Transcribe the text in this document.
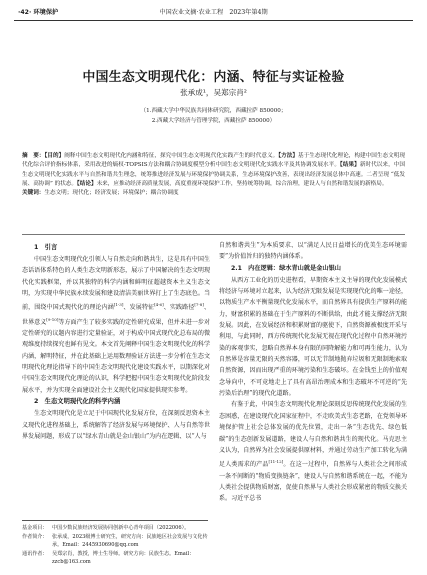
·42· 环境保护	中国农业文摘·农业工程　2023年第4期
中国生态文明现代化：内涵、特征与实证检验
张承成¹，吴郑宗肖²
（1.西藏大学中华民族共同体研究院，西藏拉萨 850000；
2.西藏大学经济与管理学院，西藏拉萨 850000）
摘　要：【目的】阐释中国生态文明现代化内涵和特征，探究中国生态文明现代化实践产生的时代意义。【方法】基于生态现代化理论，构建中国生态文明现代化综合评价指标体系，采用改进的熵权-TOPSIS方法和耦合协调度模型分析中国生态文明现代化实践水平及其协调发展水平。【结果】新时代以来，中国生态文明现代化实践水平与自然和谐共生理念，统筹推进经济发展与环境保护协调关系，生态环境保护改善，表现出经济发展总体中高速。二者呈现 “低发展、高协调” 的状态。【结论】未来，应推动经济高质量发展，高度重视环境保护工作，坚持统筹协调，综合治理，建设人与自然和谐发展的新格局。
关键词：生态文明；现代化；经济发展；环境保护；耦合协调度
1　引言

中国生态文明现代化引领人与自然走向和谐共生，这是具有中国生态话语体系特色的人类生态文明新形态，展示了中国解决的生态文明现代化实践框架，并以其独特的科学内涵和鲜明征超越资本主义生态文明，为实现中华民族永续发展和建设清洁美丽世界打上了生态底色。当前，围绕中国式现代化的理论内涵[1-3]、发展特征[4-6]、实践路径[7-8]、世界意义[9-10]等方面产生了较多实践的定性研究成果，但并未进一步对定性研究的议题内容进行定量验证，对于构成中国式现代化总布局的微观维度持续探究也鲜有见文。本文首先阐释中国生态文明现代化的科学内涵，解明特征，并在此基础上运用数理验证方法进一步分析在生态文明现代化理论指导下的中国生态文明现代化建设实践水平，以期深化对中国生态文明现代化理论的认识，科学把握中国生态文明现代化阶段发展水平，并为实现全面建设社会主义现代化国家提供现实参考。

2　生态文明现代化的科学内涵

生态文明现代化是立足于中国现代化发展方位，在深刻反思资本主义现代化进程基础上，系统解答了经济发展与环境保护、人与自然等世界发展问题，形成了以“绿水青山就是金山银山”为内在逻辑、以“人与

自然和谐共生”为本质要求、以“满足人民日益增长的优美生态环境需要”为价值旨归的独特内涵体系。

2.1　内在逻辑：绿水青山就是金山银山

从西方工业化的历史进程看，早期资本主义主导的现代化发展模式将经济与环境对立起来，认为经济无限发展是实现现代化的唯一途径，以物质生产水平衡量现代化发展水平，而自然界具有提供生产原料的能力，财富积累的基础在于生产原料的不断供给，由此才能支撑经济无限发展。因此，在发展经济和积累财富的驱使下，自然资源被极度开采与利用，与此同时，西方传统现代化发展无视在现代化过程中自然环境污染的客观事实，忽略自然界本身有限的同降解能力和可再生能力，认为自然界是容量无限的天然容器，可以无节制地抛弃垃圾和无限制地索取自然资源，因而出现严重的环境污染和生态破坏。在金钱至上的价值观念导向中，不可竟地走上了具有高昂治理成本和生态破坏不可逆的“先污染后治理”的现代化道路。

有鉴于此，中国生态文明现代化理论深刻反思传统现代化发展的生态困惑，在建设现代化国家征程中，不走欧美式生态老路，在党领导环境保护管上社会总体发展的优先位置，走出一条“生态优先、绿色低碳”的生态创新发展道路，建设人与自然和谐共生的现代化。马克思主义认为，自然界为社会发展提供原材料，并通过劳动生产加工转化为满足人类需求的产品[11-12]。在这一过程中，自然界与人类社会之间形成一条不间断的“物质变换链条”，建设人与自然和谐系统在一起，不能为人类社会提供物质财富，促使自然界与人类社会形成紧密的物质交换关系。习近平总书

基金项目： 中国少数民族经济发展协同创新中心青年项目（2022006）。
作者简介： 张承成，2023级博士研究生，研究方向：民族地区社会发展与文化传承。Email：2445930690@qq.com
通讯作者： 吴郑宗肖，教授，博士生导师。研究方向：民族生态。Email：zzcb@163.com
